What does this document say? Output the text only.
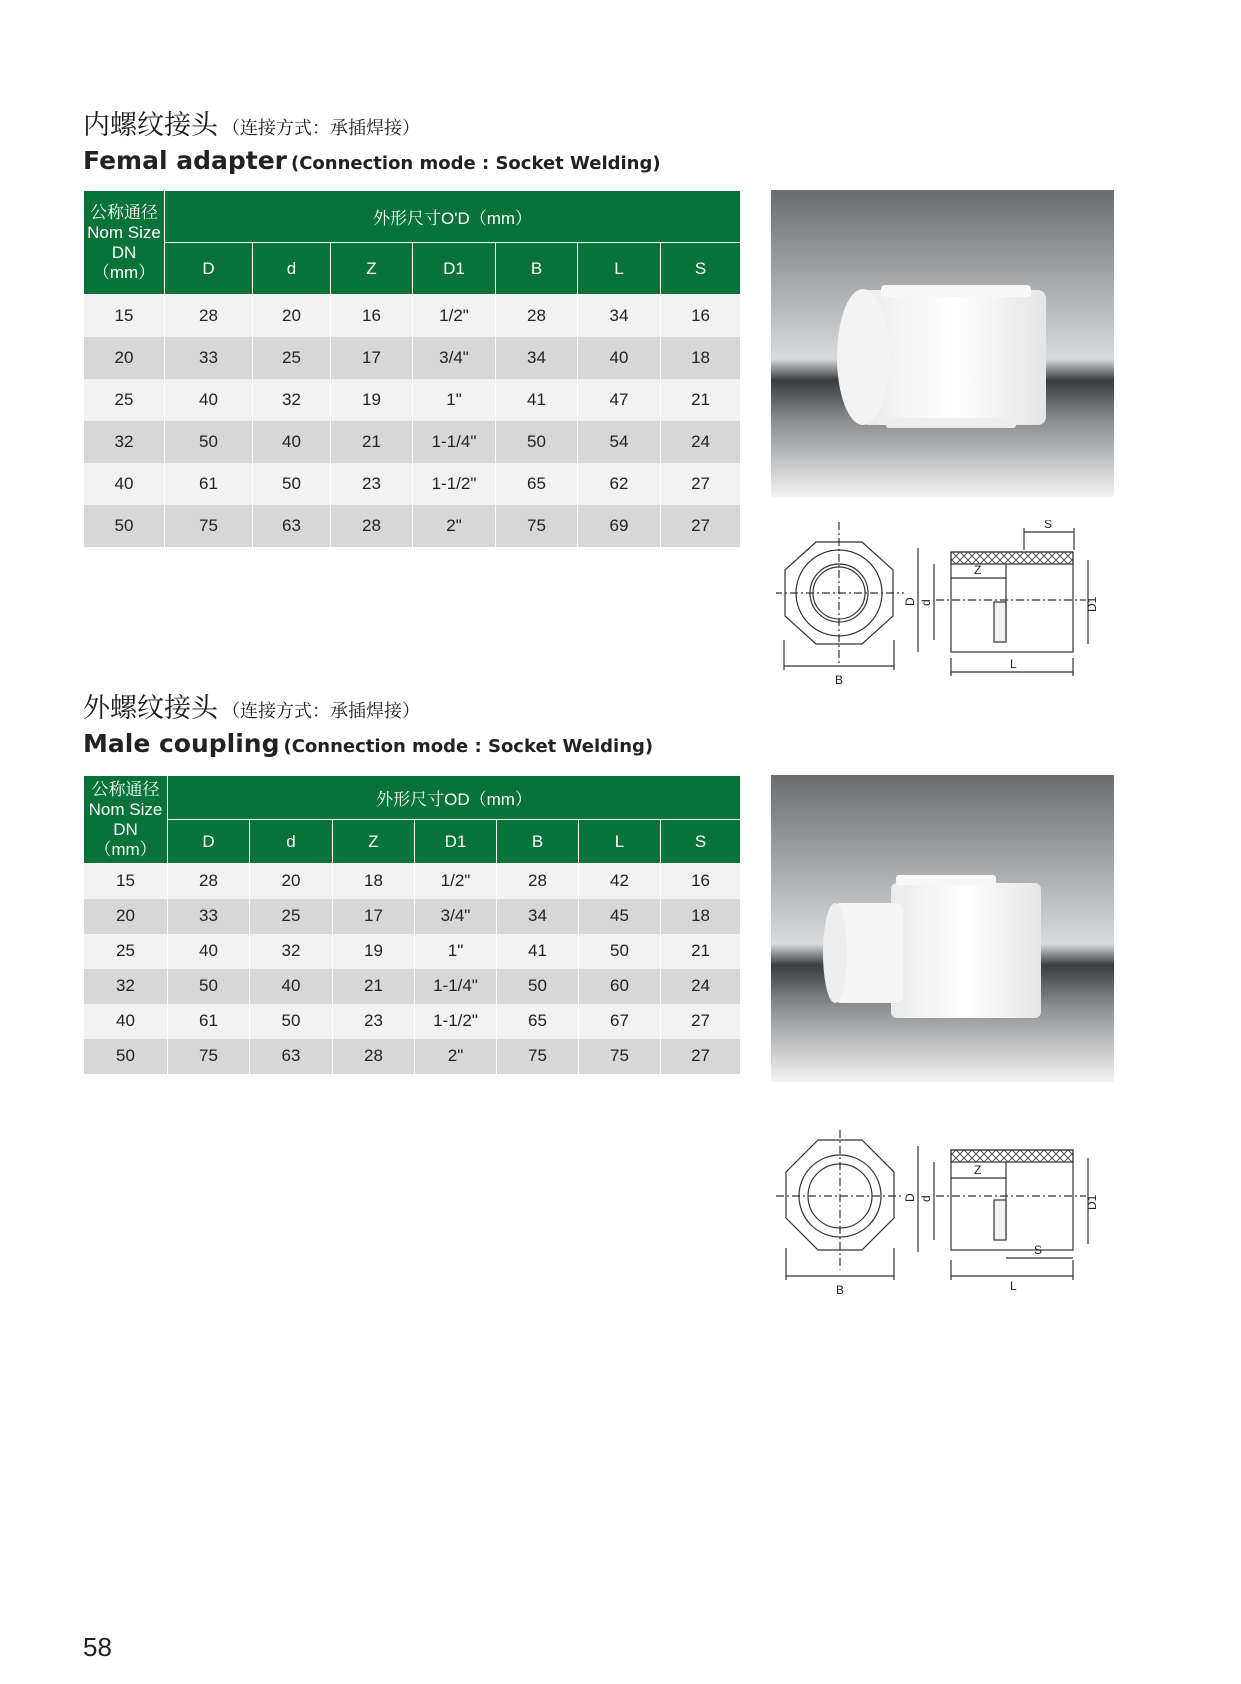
内螺纹接头 （连接方式：承插焊接）
Femal adapter (Connection mode : Socket Welding)
公称通径
Nom Size
DN
（mm）	外形尺寸O'D（mm）						
	D	d	Z	D1	B	L	S
15	28	20	16	1/2"	28	34	16
20	33	25	17	3/4"	34	40	18
25	40	32	19	1"	41	47	21
32	50	40	21	1-1/4"	50	54	24
40	61	50	23	1-1/2"	65	62	27
50	75	63	28	2"	75	69	27
B
D d
Z
D1
L
S
外螺纹接头 （连接方式：承插焊接）
Male coupling (Connection mode : Socket Welding)
公称通径
Nom Size
DN
（mm）	外形尺寸OD（mm）						
	D	d	Z	D1	B	L	S
15	28	20	18	1/2"	28	42	16
20	33	25	17	3/4"	34	45	18
25	40	32	19	1"	41	50	21
32	50	40	21	1-1/4"	50	60	24
40	61	50	23	1-1/2"	65	67	27
50	75	63	28	2"	75	75	27
B
D d
Z
D1
L
S
58
